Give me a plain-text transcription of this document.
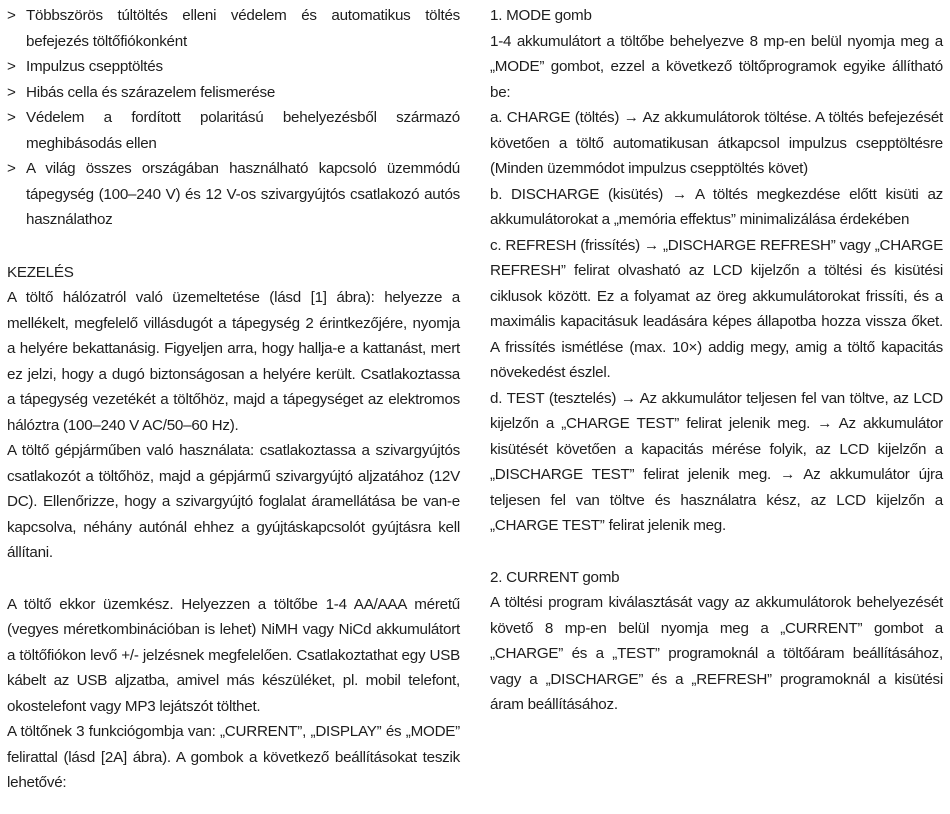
> Többszörös túltöltés elleni védelem és automatikus töltés befejezés töltőfiókonként
> Impulzus csepptöltés
> Hibás cella és szárazelem felismerése
> Védelem a fordított polaritású behelyezésből származó meghibásodás ellen
> A világ összes országában használható kapcsoló üzemmódú tápegység (100–240 V) és 12 V-os szivargyújtós csatlakozó autós használathoz

KEZELÉS

A töltő hálózatról való üzemeltetése (lásd [1] ábra): helyezze a mellékelt, megfelelő villásdugót a tápegység 2 érintkezőjére, nyomja a helyére bekattanásig. Figyeljen arra, hogy hallja-e a kattanást, mert ez jelzi, hogy a dugó biztonságosan a helyére került. Csatlakoztassa a tápegység vezetékét a töltőhöz, majd a tápegységet az elektromos hálóztra (100–240 V AC/50–60 Hz).

A töltő gépjárműben való használata: csatlakoztassa a szivargyújtós csatlakozót a töltőhöz, majd a gépjármű szivargyújtó aljzatához (12V DC). Ellenőrizze, hogy a szivargyújtó foglalat áramellátása be van-e kapcsolva, néhány autónál ehhez a gyújtáskapcsolót gyújtásra kell állítani.

A töltő ekkor üzemkész. Helyezzen a töltőbe 1-4 AA/AAA méretű (vegyes méretkombinációban is lehet) NiMH vagy NiCd akkumulátort a töltőfiókon levő +/- jelzésnek megfelelően. Csatlakoztathat egy USB kábelt az USB aljzatba, amivel más készüléket, pl. mobil telefont, okostelefont vagy MP3 lejátszót tölthet.

A töltőnek 3 funkciógombja van: „CURRENT”, „DISPLAY” és „MODE” felirattal (lásd [2A] ábra). A gombok a következő beállításokat teszik lehetővé:

1. MODE gomb

1-4 akkumulátort a töltőbe behelyezve 8 mp-en belül nyomja meg a „MODE” gombot, ezzel a következő töltőprogramok egyike állítható be:

a. CHARGE (töltés) → Az akkumulátorok töltése. A töltés befejezését követően a töltő automatikusan átkapcsol impulzus csepptöltésre (Minden üzemmódot impulzus csepptöltés követ)

b. DISCHARGE (kisütés) → A töltés megkezdése előtt kisüti az akkumulátorokat a „memória effektus” minimalizálása érdekében

c. REFRESH (frissítés) → „DISCHARGE REFRESH” vagy „CHARGE REFRESH” felirat olvasható az LCD kijelzőn a töltési és kisütési ciklusok között. Ez a folyamat az öreg akkumulátorokat frissíti, és a maximális kapacitásuk leadására képes állapotba hozza vissza őket. A frissítés ismétlése (max. 10×) addig megy, amig a töltő kapacitás növekedést észlel.

d. TEST (tesztelés) → Az akkumulátor teljesen fel van töltve, az LCD kijelzőn a „CHARGE TEST” felirat jelenik meg. → Az akkumulátor kisütését követően a kapacitás mérése folyik, az LCD kijelzőn a „DISCHARGE TEST” felirat jelenik meg. → Az akkumulátor újra teljesen fel van töltve és használatra kész, az LCD kijelzőn a „CHARGE TEST” felirat jelenik meg.

2. CURRENT gomb

A töltési program kiválasztását vagy az akkumulátorok behelyezését követő 8 mp-en belül nyomja meg a „CURRENT” gombot a „CHARGE” és a „TEST” programoknál a töltőáram beállításához, vagy a „DISCHARGE” és a „REFRESH” programoknál a kisütési áram beállításához.
